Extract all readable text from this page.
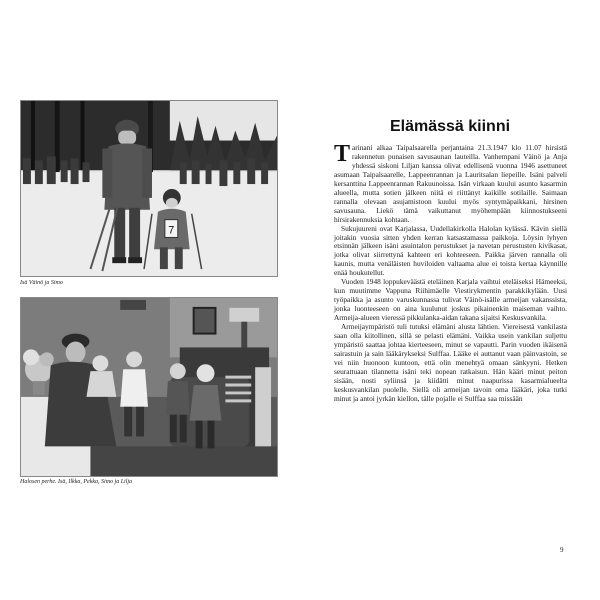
7
Isä Väinö ja Simo
Halosen perhe. Isä, Ilkka, Pekka, Simo ja Lilja
Elämässä kiinni

Tarinani alkaa Taipalsaarella perjantaina 21.3.1947 klo 11.07 hirsistä rakennetun punaisen savusaunan lauteilla. Vanhempani Väinö ja Anja yhdessä siskoni Liljan kanssa olivat edellisenä vuonna 1946 asettuneet asumaan Taipalsaarelle, Lappeenrannan ja Lauritsalan liepeille. Isäni palveli kersanttina Lappeenrannan Rakuunoissa. Isän virkaan kuului asunto kasarmin alueella, mutta sotien jälkeen niitä ei riittänyt kaikille sotilaille. Saimaan rannalla olevaan asujamistoon kuului myös syntymäpaikkani, hirsinen savusauna. Liekö tämä vaikuttanut myöhempään kiinnostukseeni hirsirakennuksia kohtaan.

Sukujuureni ovat Karjalassa, Uudellakirkolla Halolan kylässä. Kävin siellä joitakin vuosia sitten yhden kerran katsastamassa paikkoja. Löysin lyhyen etsinnän jälkeen isäni asuintalon perustukset ja navetan perustusten kivikasat, jotka olivat siirrettynä kahteen eri kohteeseen. Paikka järven rannalla oli kaunis, mutta venäläisten huviloiden valtaama alue ei toista kertaa käynnille enää houkutellut.

Vuoden 1948 loppukeväästä eteläinen Karjala vaihtui eteläiseksi Hämeeksi, kun muutimme Vappuna Riihimäelle Viestirykmentin parakkikylään. Uusi työpaikka ja asunto varuskunnassa tulivat Väinö-isälle armeijan vakanssista, jonka luonteeseen on aina kuulunut joskus pikainenkin maiseman vaihto. Armeija-alueen vieressä pikkulanka-aidan takana sijaitsi Keskusvankila.

Armeijaympäristö tuli tutuksi elämäni alusta lähtien. Viereisestä vankilasta saan olla kiitollinen, sillä se pelasti elämäni. Vaikka usein vankilan suljettu ympäristö saattaa johtaa kierteeseen, minut se vapautti. Parin vuoden ikäisenä sairastuin ja sain lääkärykseksi Sulffaa. Lääke ei auttanut vaan päinvastoin, se vei niin huonoon kuntoon, että olin menehtyä omaan sänkyyni. Hetken seurattuaan tilannetta isäni teki nopean ratkaisun. Hän kääri minut peiton sisään, nosti syliinsä ja kiidätti minut naapurissa kasarmialueelta keskusvankilan puolelle. Siellä oli armeijan tavoin oma lääkäri, joka tutki minut ja antoi jyrkän kiellon, tälle pojalle ei Sulffaa saa missään

9
